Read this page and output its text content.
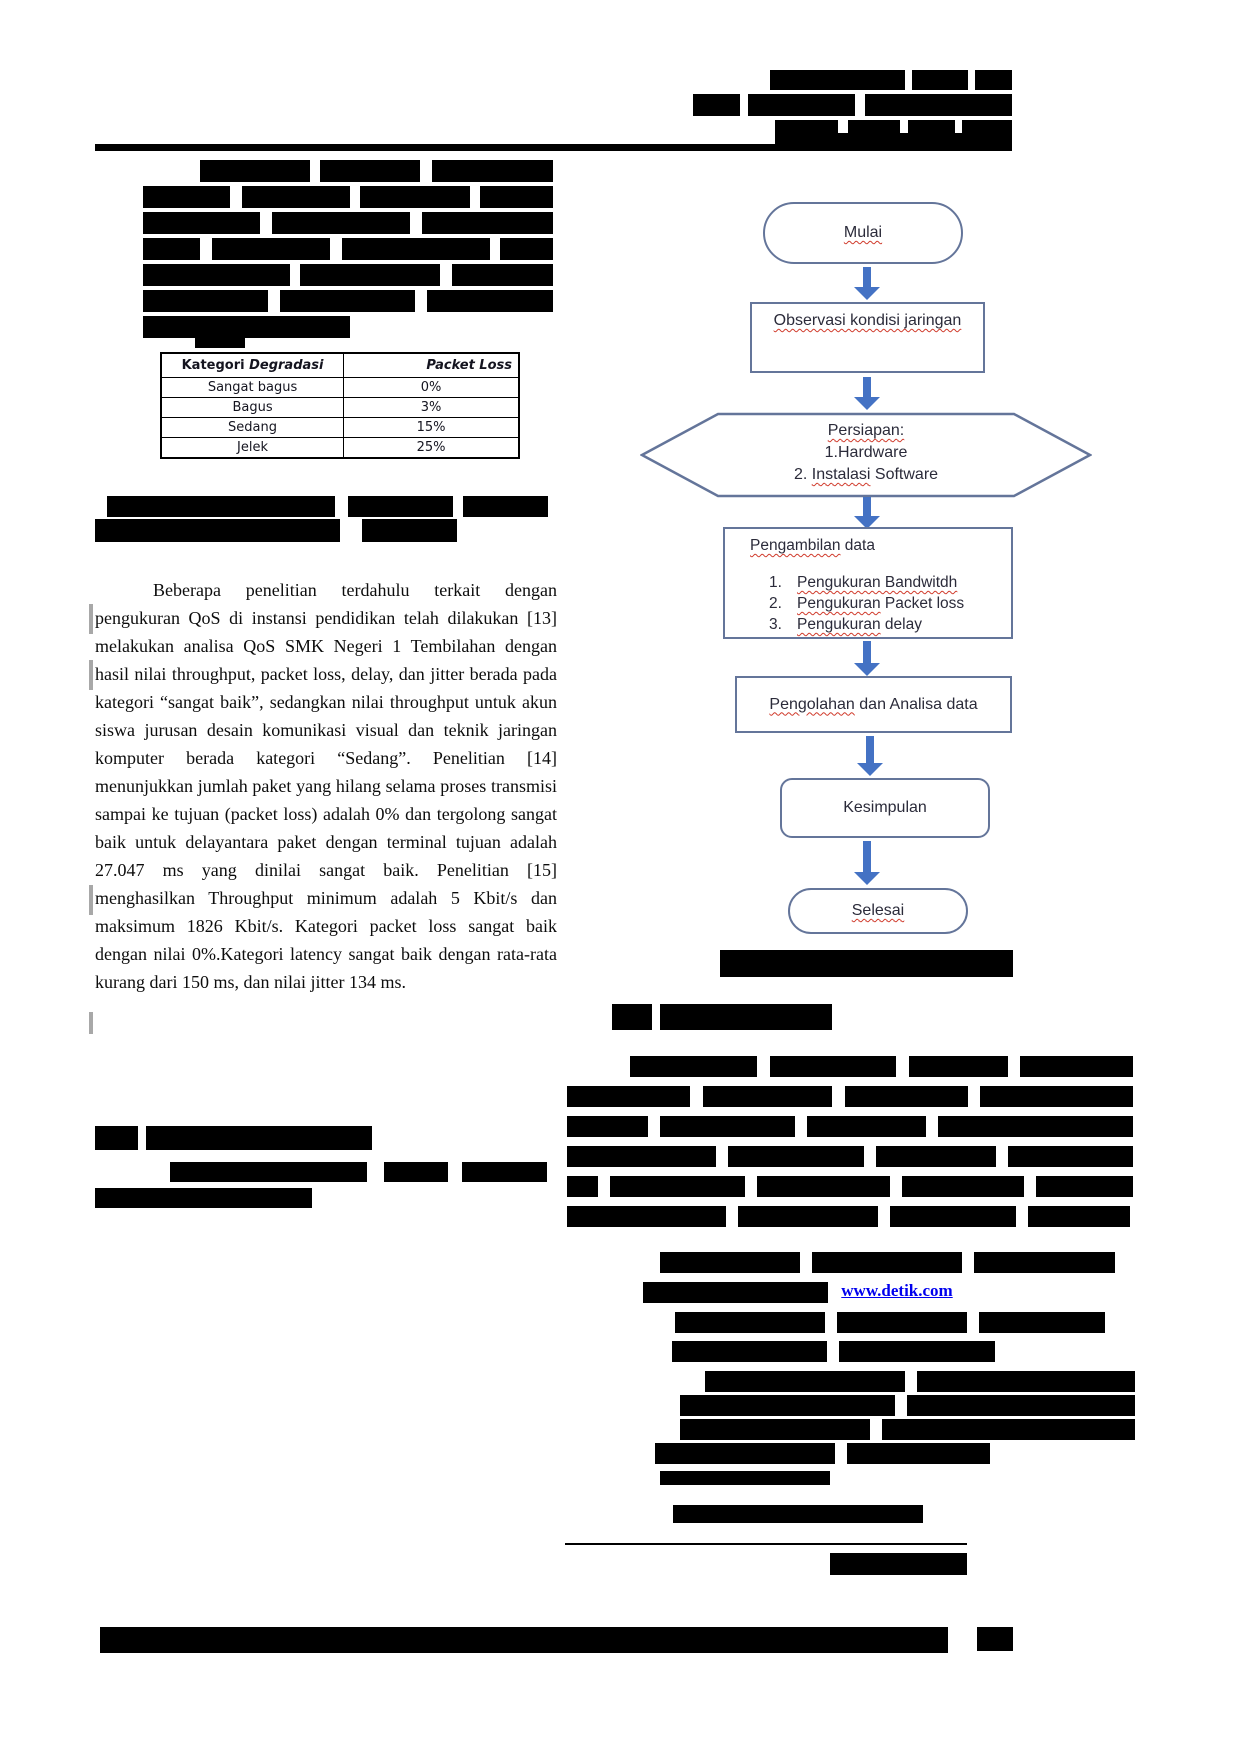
Kategori Degradasi	Packet Loss
Sangat bagus	0%
Bagus	3%
Sedang	15%
Jelek	25%

Beberapa penelitian terdahulu terkait dengan pengukuran QoS di instansi pendidikan telah dilakukan [13] melakukan analisa QoS SMK Negeri 1 Tembilahan dengan hasil nilai throughput, packet loss, delay, dan jitter berada pada kategori “sangat baik”, sedangkan nilai throughput untuk akun siswa jurusan desain komunikasi visual dan teknik jaringan komputer berada kategori “Sedang”. Penelitian [14] menunjukkan jumlah paket yang hilang selama proses transmisi sampai ke tujuan (packet loss) adalah 0% dan tergolong sangat baik untuk delayantara paket dengan terminal tujuan adalah 27.047 ms yang dinilai sangat baik. Penelitian [15] menghasilkan Throughput minimum adalah 5 Kbit/s dan maksimum 1826 Kbit/s. Kategori packet loss sangat baik dengan nilai 0%.Kategori latency sangat baik dengan rata-rata kurang dari 150 ms, dan nilai jitter 134 ms.

Mulai
Observasi kondisi jaringan
Persiapan:
1.Hardware
2. Instalasi Software
Pengambilan data
1. Pengukuran Bandwitdh
2. Pengukuran Packet loss
3. Pengukuran delay
Pengolahan dan Analisa data
Kesimpulan
Selesai
www.detik.com
